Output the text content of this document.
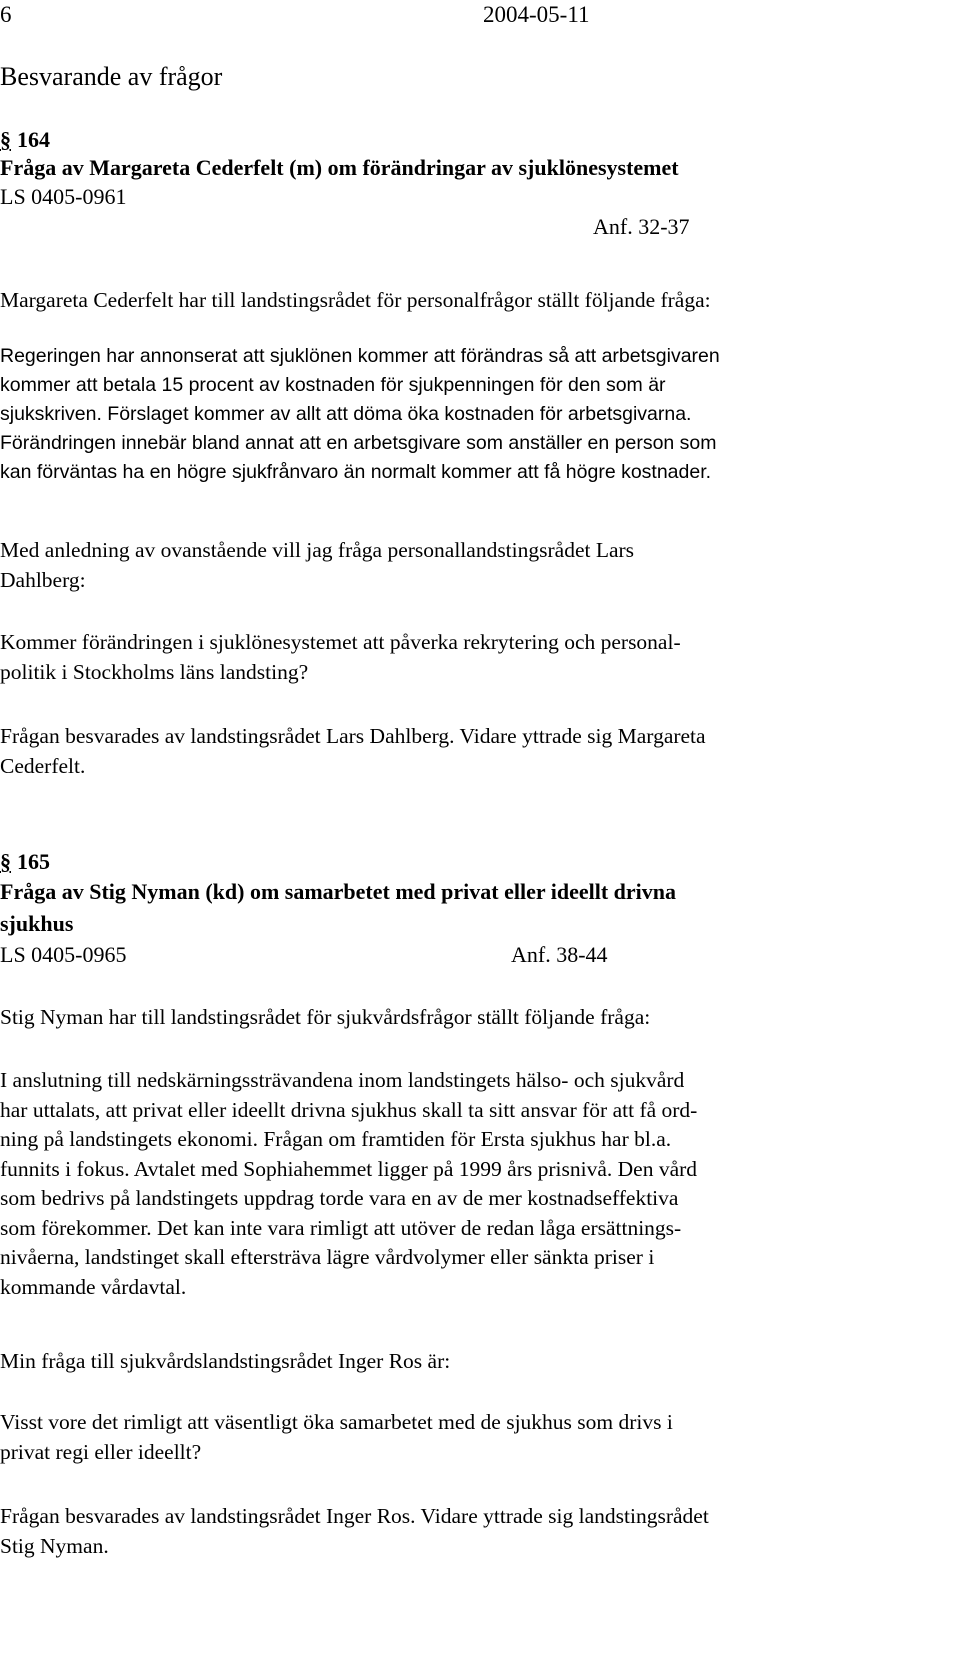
6	2004-05-11
Besvarande av frågor
§ 164
Fråga av Margareta Cederfelt (m) om förändringar av sjuklönesystemet
LS 0405-0961
Anf. 32-37
Margareta Cederfelt har till landstingsrådet för personalfrågor ställt följande fråga:
Regeringen har annonserat att sjuklönen kommer att förändras så att arbetsgivaren
kommer att betala 15 procent av kostnaden för sjukpenningen för den som är
sjukskriven. Förslaget kommer av allt att döma öka kostnaden för arbetsgivarna.
Förändringen innebär bland annat att en arbetsgivare som anställer en person som
kan förväntas ha en högre sjukfrånvaro än normalt kommer att få högre kostnader.
Med anledning av ovanstående vill jag fråga personallandstingsrådet Lars
Dahlberg:
Kommer förändringen i sjuklönesystemet att påverka rekrytering och personal-
politik i Stockholms läns landsting?
Frågan besvarades av landstingsrådet Lars Dahlberg. Vidare yttrade sig Margareta
Cederfelt.
§ 165
Fråga av Stig Nyman (kd) om samarbetet med privat eller ideellt drivna
sjukhus
LS 0405-0965	Anf. 38-44
Stig Nyman har till landstingsrådet för sjukvårdsfrågor ställt följande fråga:
I anslutning till nedskärningssträvandena inom landstingets hälso- och sjukvård
har uttalats, att privat eller ideellt drivna sjukhus skall ta sitt ansvar för att få ord-
ning på landstingets ekonomi. Frågan om framtiden för Ersta sjukhus har bl.a.
funnits i fokus. Avtalet med Sophiahemmet ligger på 1999 års prisnivå. Den vård
som bedrivs på landstingets uppdrag torde vara en av de mer kostnadseffektiva
som förekommer. Det kan inte vara rimligt att utöver de redan låga ersättnings-
nivåerna, landstinget skall eftersträva lägre vårdvolymer eller sänkta priser i
kommande vårdavtal.
Min fråga till sjukvårdslandstingsrådet Inger Ros är:
Visst vore det rimligt att väsentligt öka samarbetet med de sjukhus som drivs i
privat regi eller ideellt?
Frågan besvarades av landstingsrådet Inger Ros. Vidare yttrade sig landstingsrådet
Stig Nyman.
